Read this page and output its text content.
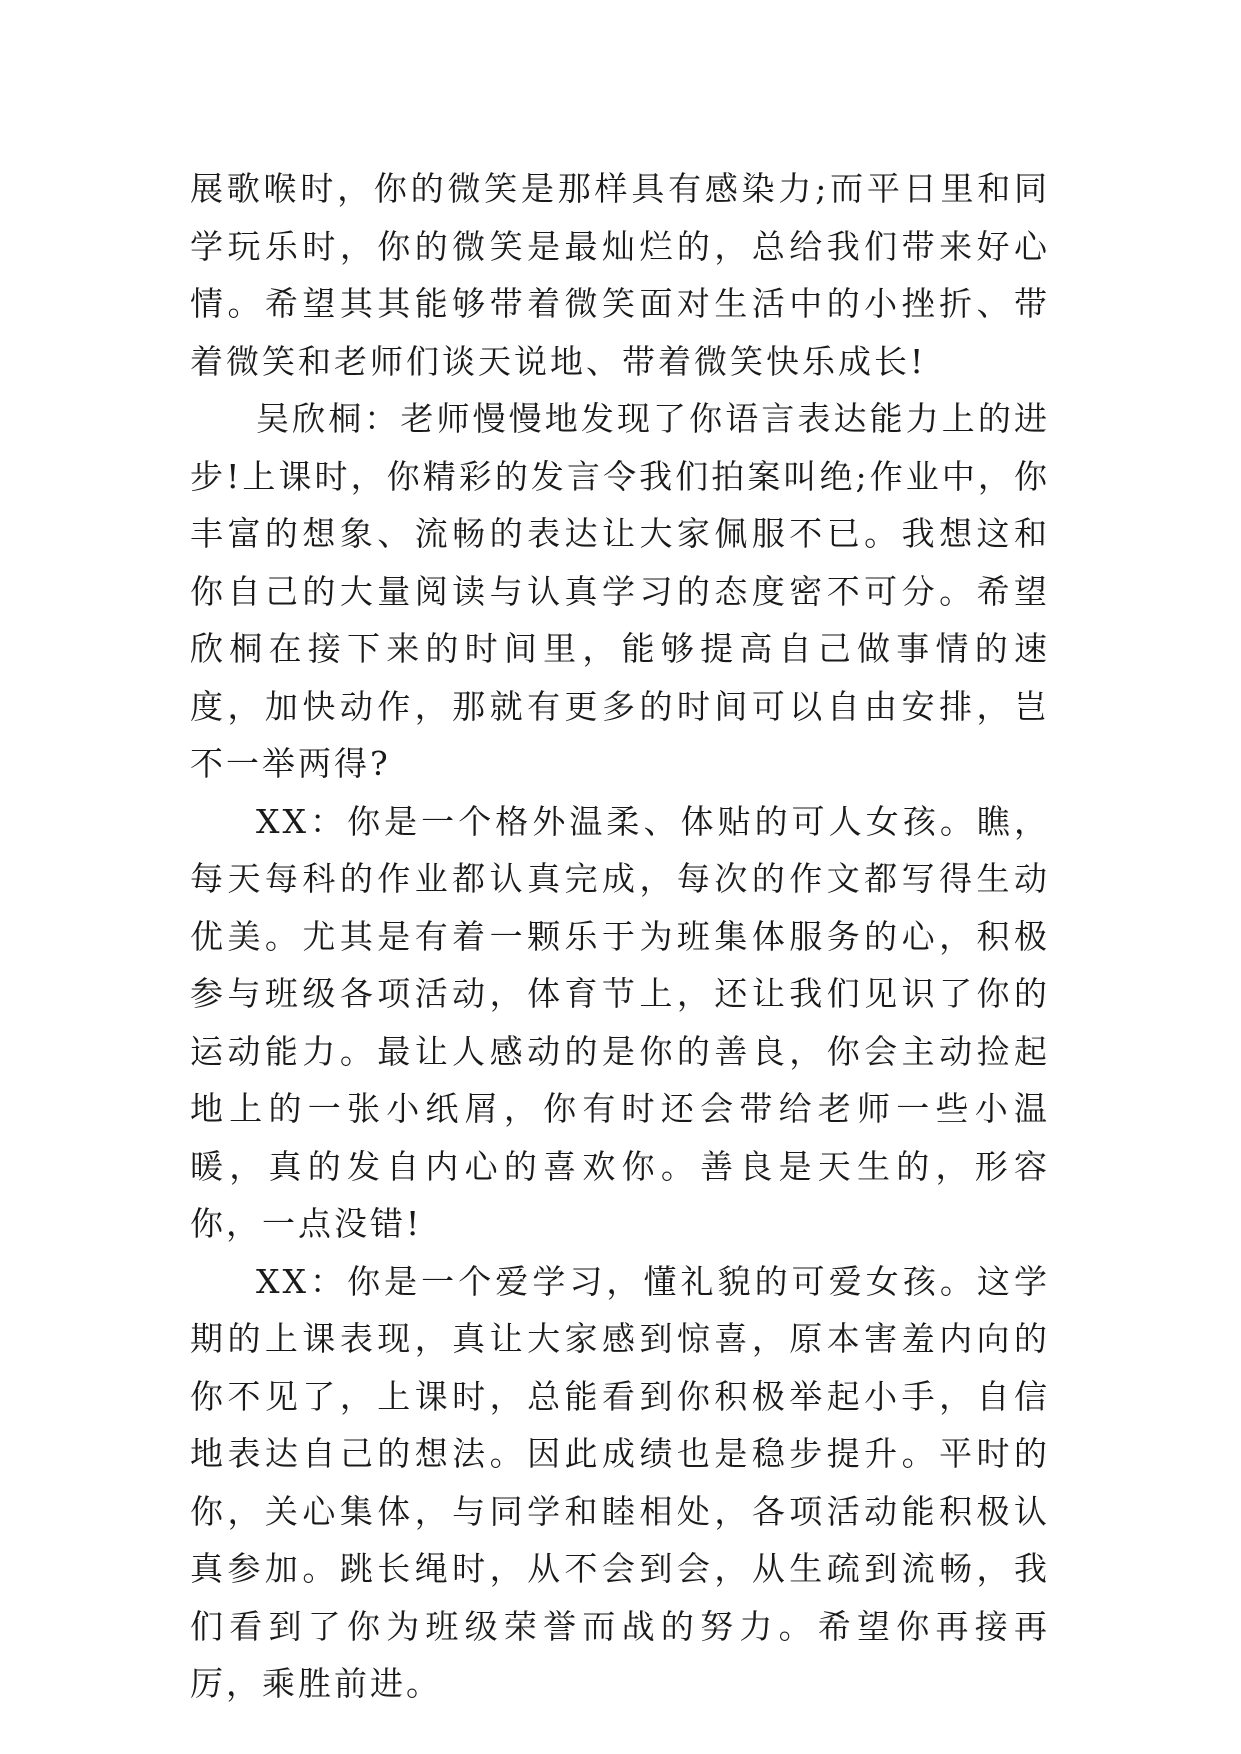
展歌喉时，你的微笑是那样具有感染力;而平日里和同学玩乐时，你的微笑是最灿烂的，总给我们带来好心情。希望其其能够带着微笑面对生活中的小挫折、带着微笑和老师们谈天说地、带着微笑快乐成长!

吴欣桐：老师慢慢地发现了你语言表达能力上的进步!上课时，你精彩的发言令我们拍案叫绝;作业中，你丰富的想象、流畅的表达让大家佩服不已。我想这和你自己的大量阅读与认真学习的态度密不可分。希望欣桐在接下来的时间里，能够提高自己做事情的速度，加快动作，那就有更多的时间可以自由安排，岂不一举两得?

XX：你是一个格外温柔、体贴的可人女孩。瞧，每天每科的作业都认真完成，每次的作文都写得生动优美。尤其是有着一颗乐于为班集体服务的心，积极参与班级各项活动，体育节上，还让我们见识了你的运动能力。最让人感动的是你的善良，你会主动捡起地上的一张小纸屑，你有时还会带给老师一些小温暖，真的发自内心的喜欢你。善良是天生的，形容你，一点没错!

XX：你是一个爱学习，懂礼貌的可爱女孩。这学期的上课表现，真让大家感到惊喜，原本害羞内向的你不见了，上课时，总能看到你积极举起小手，自信地表达自己的想法。因此成绩也是稳步提升。平时的你，关心集体，与同学和睦相处，各项活动能积极认真参加。跳长绳时，从不会到会，从生疏到流畅，我们看到了你为班级荣誉而战的努力。希望你再接再厉，乘胜前进。
